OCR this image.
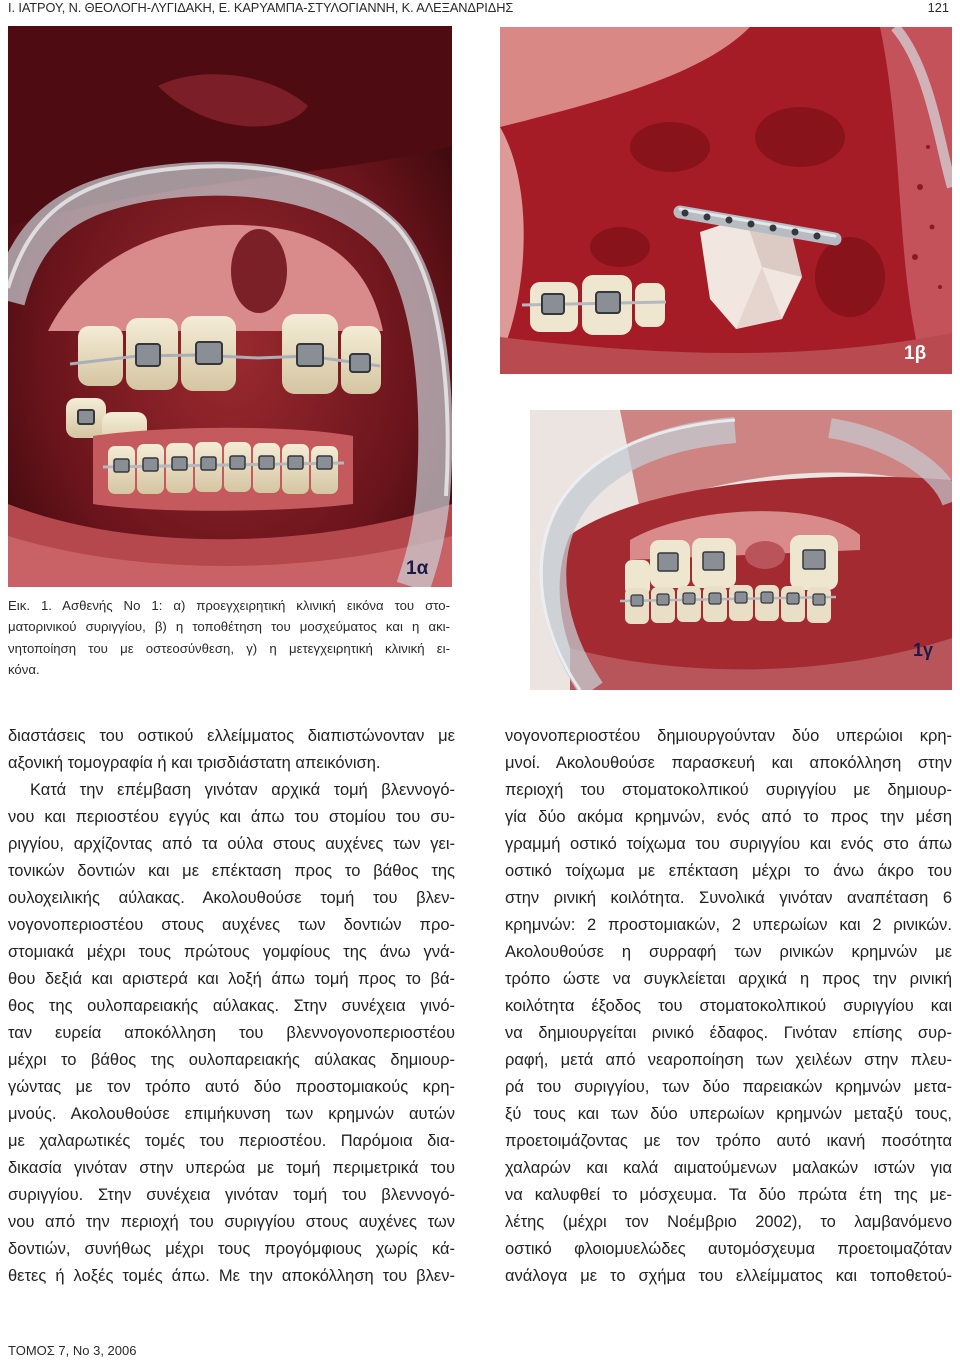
Ι. ΙΑΤΡΟΥ, Ν. ΘΕΟΛΟΓΗ-ΛΥΓΙΔΑΚΗ, Ε. ΚΑΡΥΑΜΠΑ-ΣΤΥΛΟΓΙΑΝΝΗ, Κ. ΑΛΕΞΑΝΔΡΙΔΗΣ	121
1α
1β
1γ
Εικ. 1. Ασθενής Νο 1: α) προεγχειρητική κλινική εικόνα του στο-
ματορινικού συριγγίου, β) η τοποθέτηση του μοσχεύματος και η ακι-
νητοποίηση του με οστεοσύνθεση, γ) η μετεγχειρητική κλινική ει-
κόνα.
διαστάσεις του οστικού ελλείμματος διαπιστώνονταν με
αξονική τομογραφία ή και τρισδιάστατη απεικόνιση.
Κατά την επέμβαση γινόταν αρχικά τομή βλεννογό-
νου και περιοστέου εγγύς και άπω του στομίου του συ-
ριγγίου, αρχίζοντας από τα ούλα στους αυχένες των γει-
τονικών δοντιών και με επέκταση προς το βάθος της
ουλοχειλικής αύλακας. Ακολουθούσε τομή του βλεν-
νογονοπεριοστέου στους αυχένες των δοντιών προ-
στομιακά μέχρι τους πρώτους γομφίους της άνω γνά-
θου δεξιά και αριστερά και λοξή άπω τομή προς το βά-
θος της ουλοπαρειακής αύλακας. Στην συνέχεια γινό-
ταν ευρεία αποκόλληση του βλεννογονοπεριοστέου
μέχρι το βάθος της ουλοπαρειακής αύλακας δημιουρ-
γώντας με τον τρόπο αυτό δύο προστομιακούς κρη-
μνούς. Ακολουθούσε επιμήκυνση των κρημνών αυτών
με χαλαρωτικές τομές του περιοστέου. Παρόμοια δια-
δικασία γινόταν στην υπερώα με τομή περιμετρικά του
συριγγίου. Στην συνέχεια γινόταν τομή του βλεννογό-
νου από την περιοχή του συριγγίου στους αυχένες των
δοντιών, συνήθως μέχρι τους προγόμφιους χωρίς κά-
θετες ή λοξές τομές άπω. Με την αποκόλληση του βλεν-
νογονοπεριοστέου δημιουργούνταν δύο υπερώιοι κρη-
μνοί. Ακολουθούσε παρασκευή και αποκόλληση στην
περιοχή του στοματοκολπικού συριγγίου με δημιουρ-
γία δύο ακόμα κρημνών, ενός από το προς την μέση
γραμμή οστικό τοίχωμα του συριγγίου και ενός στο άπω
οστικό τοίχωμα με επέκταση μέχρι το άνω άκρο του
στην ρινική κοιλότητα. Συνολικά γινόταν αναπέταση 6
κρημνών: 2 προστομιακών, 2 υπερωίων και 2 ρινικών.
Ακολουθούσε η συρραφή των ρινικών κρημνών με
τρόπο ώστε να συγκλείεται αρχικά η προς την ρινική
κοιλότητα έξοδος του στοματοκολπικού συριγγίου και
να δημιουργείται ρινικό έδαφος. Γινόταν επίσης συρ-
ραφή, μετά από νεαροποίηση των χειλέων στην πλευ-
ρά του συριγγίου, των δύο παρειακών κρημνών μετα-
ξύ τους και των δύο υπερωίων κρημνών μεταξύ τους,
προετοιμάζοντας με τον τρόπο αυτό ικανή ποσότητα
χαλαρών και καλά αιματούμενων μαλακών ιστών για
να καλυφθεί το μόσχευμα. Τα δύο πρώτα έτη της με-
λέτης (μέχρι τον Νοέμβριο 2002), το λαμβανόμενο
οστικό φλοιομυελώδες αυτομόσχευμα προετοιμαζόταν
ανάλογα με το σχήμα του ελλείμματος και τοποθετού-
ΤΟΜΟΣ 7, Νο 3, 2006
